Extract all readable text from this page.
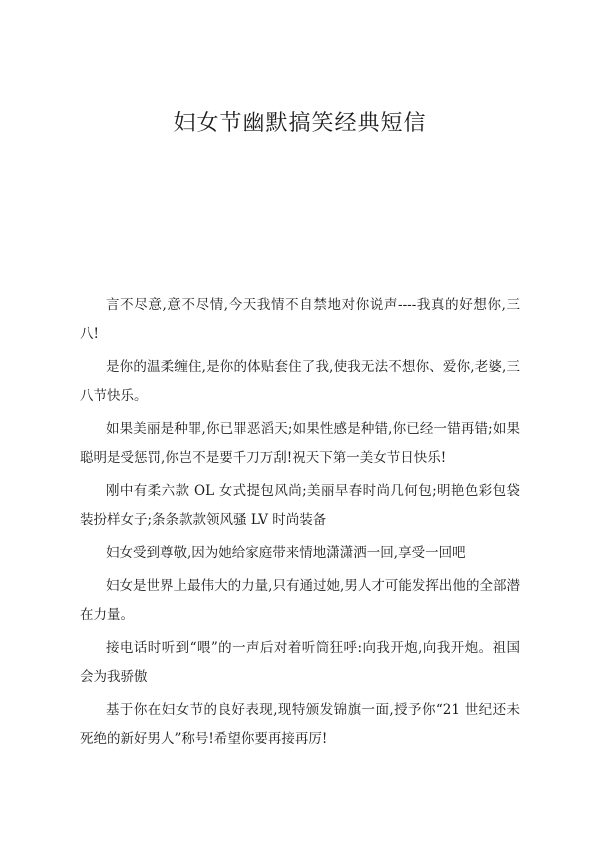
妇女节幽默搞笑经典短信

言不尽意,意不尽情,今天我情不自禁地对你说声----我真的好想你,三八!

是你的温柔缠住,是你的体贴套住了我,使我无法不想你、爱你,老婆,三八节快乐。

如果美丽是种罪,你已罪恶滔天;如果性感是种错,你已经一错再错;如果聪明是受惩罚,你岂不是要千刀万刮!祝天下第一美女节日快乐!

刚中有柔六款 OL 女式提包风尚;美丽早春时尚几何包;明艳色彩包袋装扮样女子;条条款款领风骚 LV 时尚装备

妇女受到尊敬,因为她给家庭带来情地潇潇洒一回,享受一回吧

妇女是世界上最伟大的力量,只有通过她,男人才可能发挥出他的全部潜在力量。

接电话时听到“喂”的一声后对着听筒狂呼:向我开炮,向我开炮。祖国会为我骄傲

基于你在妇女节的良好表现,现特颁发锦旗一面,授予你“21 世纪还未死绝的新好男人”称号!希望你要再接再厉!
